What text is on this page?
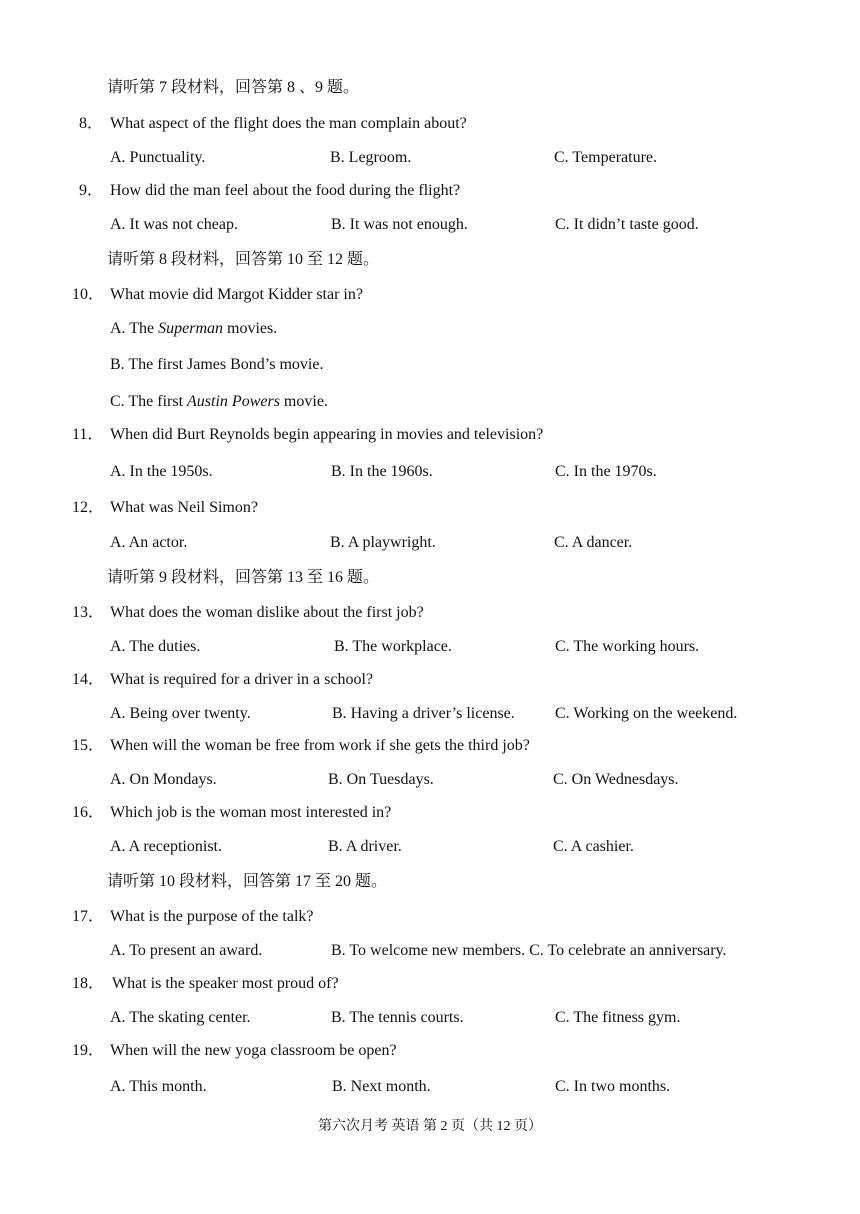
请听第 7 段材料，回答第 8 、9 题。
8． What aspect of the flight does the man complain about?
A. Punctuality.	B. Legroom.	C. Temperature.
9． How did the man feel about the food during the flight?
A. It was not cheap.	B. It was not enough.	C. It didn’t taste good.
请听第 8 段材料，回答第 10 至 12 题。
10． What movie did Margot Kidder star in?
A. The Superman movies.
B. The first James Bond’s movie.
C. The first Austin Powers movie.
11． When did Burt Reynolds begin appearing in movies and television?
A. In the 1950s.	B. In the 1960s.	C. In the 1970s.
12． What was Neil Simon?
A. An actor.	B. A playwright.	C. A dancer.
请听第 9 段材料，回答第 13 至 16 题。
13． What does the woman dislike about the first job?
A. The duties.	B. The workplace.	C. The working hours.
14． What is required for a driver in a school?
A. Being over twenty.	B. Having a driver’s license.	C. Working on the weekend.
15． When will the woman be free from work if she gets the third job?
A. On Mondays.	B. On Tuesdays.	C. On Wednesdays.
16． Which job is the woman most interested in?
A. A receptionist.	B. A driver.	C. A cashier.
请听第 10 段材料，回答第 17 至 20 题。
17． What is the purpose of the talk?
A. To present an award.	B. To welcome new members. C. To celebrate an anniversary.
18． What is the speaker most proud of?
A. The skating center.	B. The tennis courts.	C. The fitness gym.
19． When will the new yoga classroom be open?
A. This month.	B. Next month.	C. In two months.
第六次月考 英语 第 2 页（共 12 页）
